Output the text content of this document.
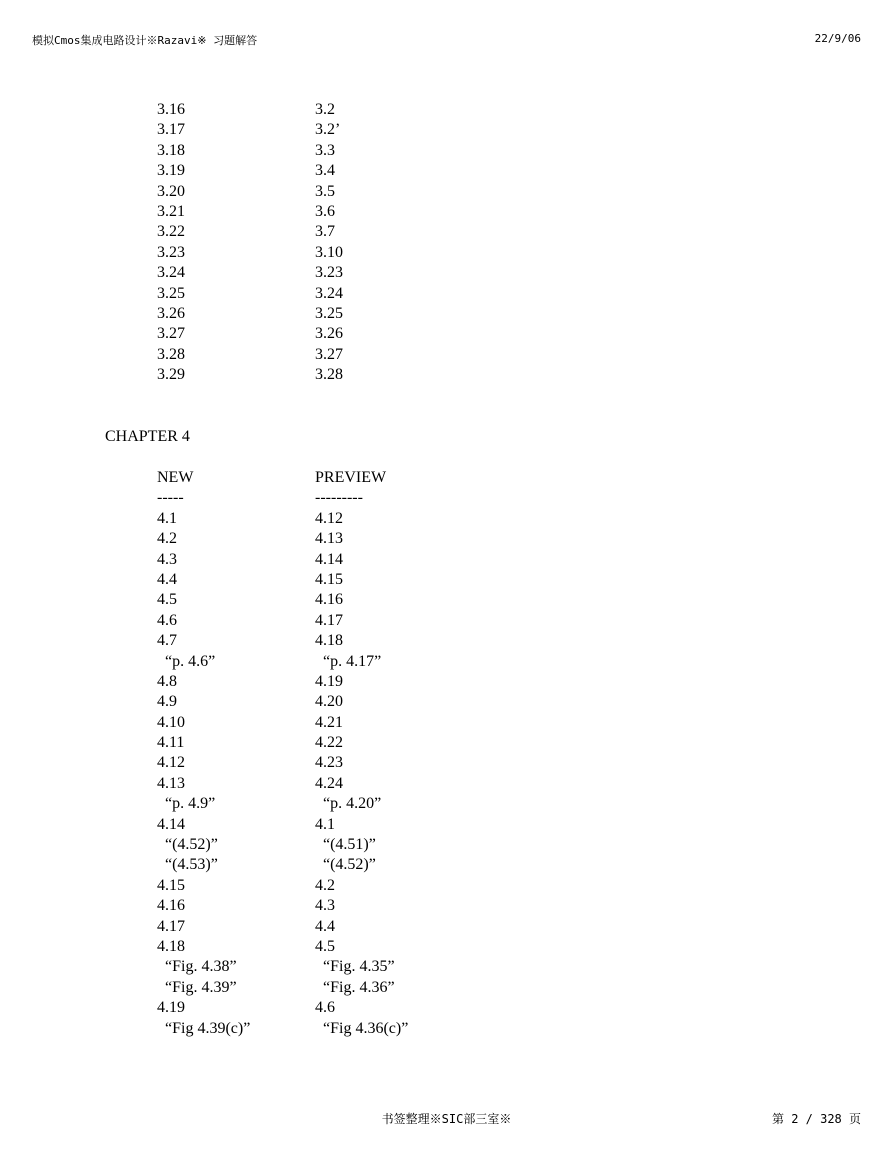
模拟Cmos集成电路设计※Razavi※ 习题解答	22/9/06
3.16	3.2
3.17	3.2’
3.18	3.3
3.19	3.4
3.20	3.5
3.21	3.6
3.22	3.7
3.23	3.10
3.24	3.23
3.25	3.24
3.26	3.25
3.27	3.26
3.28	3.27
3.29	3.28
CHAPTER 4
NEW	PREVIEW
-----	---------
4.1	4.12
4.2	4.13
4.3	4.14
4.4	4.15
4.5	4.16
4.6	4.17
4.7	4.18
“p. 4.6”	“p. 4.17”
4.8	4.19
4.9	4.20
4.10	4.21
4.11	4.22
4.12	4.23
4.13	4.24
“p. 4.9”	“p. 4.20”
4.14	4.1
“(4.52)”	“(4.51)”
“(4.53)”	“(4.52)”
4.15	4.2
4.16	4.3
4.17	4.4
4.18	4.5
“Fig. 4.38”	“Fig. 4.35”
“Fig. 4.39”	“Fig. 4.36”
4.19	4.6
“Fig 4.39(c)”	“Fig 4.36(c)”
书签整理※SIC部三室※	第 2 / 328 页
